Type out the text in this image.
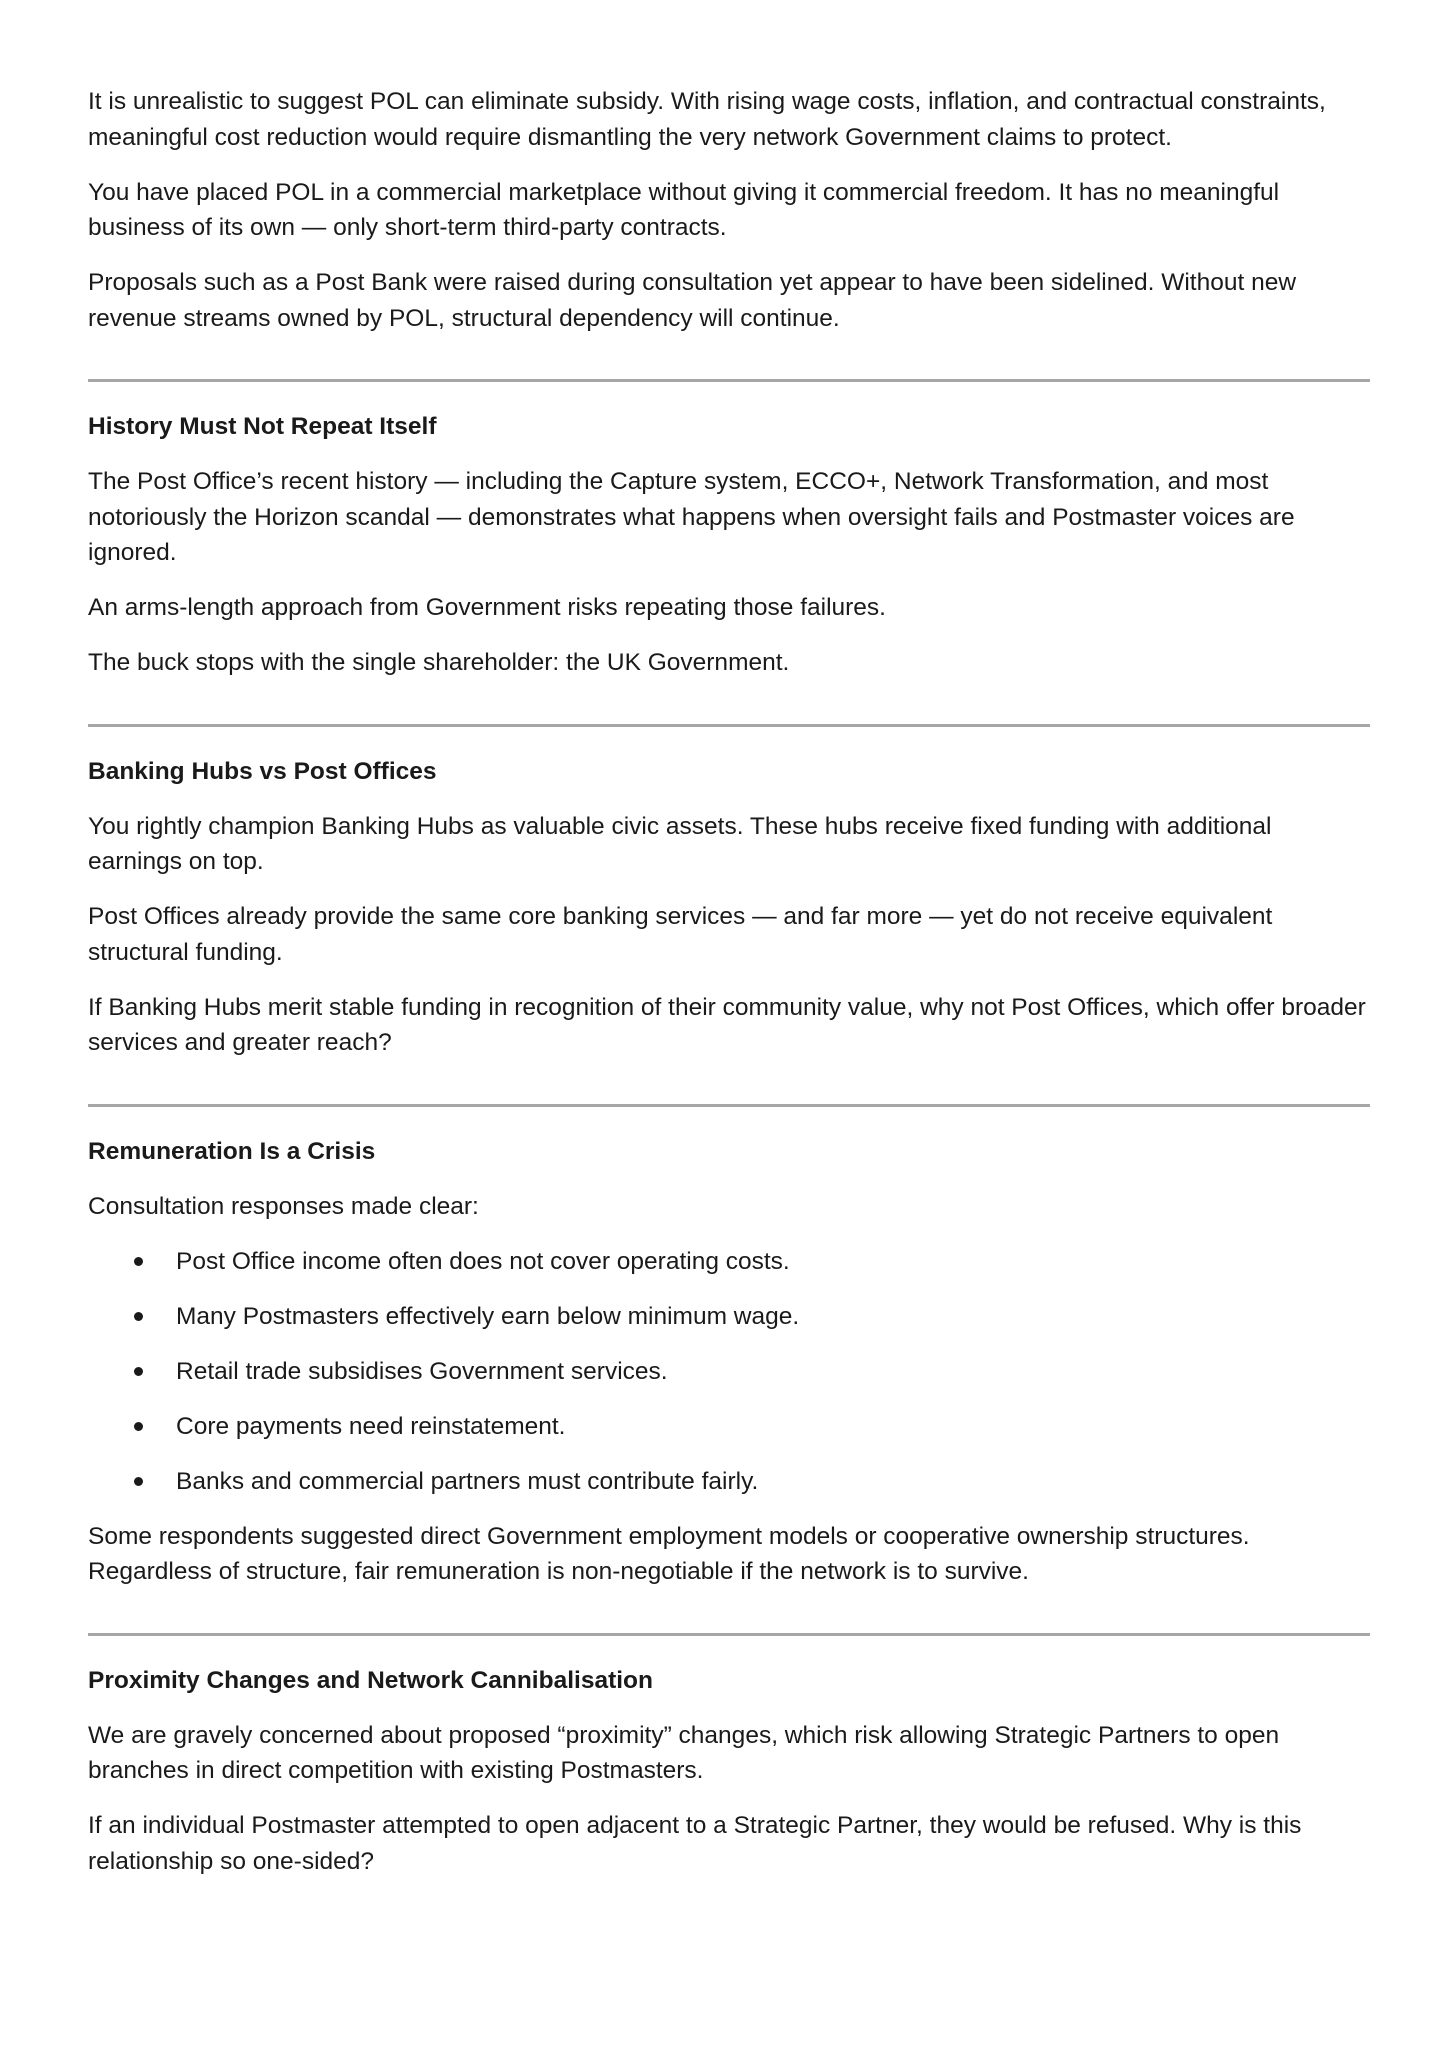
It is unrealistic to suggest POL can eliminate subsidy. With rising wage costs, inflation, and contractual constraints, meaningful cost reduction would require dismantling the very network Government claims to protect.

You have placed POL in a commercial marketplace without giving it commercial freedom. It has no meaningful business of its own — only short-term third-party contracts.

Proposals such as a Post Bank were raised during consultation yet appear to have been sidelined. Without new revenue streams owned by POL, structural dependency will continue.

History Must Not Repeat Itself

The Post Office’s recent history — including the Capture system, ECCO+, Network Transformation, and most notoriously the Horizon scandal — demonstrates what happens when oversight fails and Postmaster voices are ignored.

An arms-length approach from Government risks repeating those failures.

The buck stops with the single shareholder: the UK Government.

Banking Hubs vs Post Offices

You rightly champion Banking Hubs as valuable civic assets. These hubs receive fixed funding with additional earnings on top.

Post Offices already provide the same core banking services — and far more — yet do not receive equivalent structural funding.

If Banking Hubs merit stable funding in recognition of their community value, why not Post Offices, which offer broader services and greater reach?

Remuneration Is a Crisis

Consultation responses made clear:

Post Office income often does not cover operating costs.
Many Postmasters effectively earn below minimum wage.
Retail trade subsidises Government services.
Core payments need reinstatement.
Banks and commercial partners must contribute fairly.

Some respondents suggested direct Government employment models or cooperative ownership structures. Regardless of structure, fair remuneration is non-negotiable if the network is to survive.

Proximity Changes and Network Cannibalisation

We are gravely concerned about proposed “proximity” changes, which risk allowing Strategic Partners to open branches in direct competition with existing Postmasters.

If an individual Postmaster attempted to open adjacent to a Strategic Partner, they would be refused. Why is this relationship so one-sided?
